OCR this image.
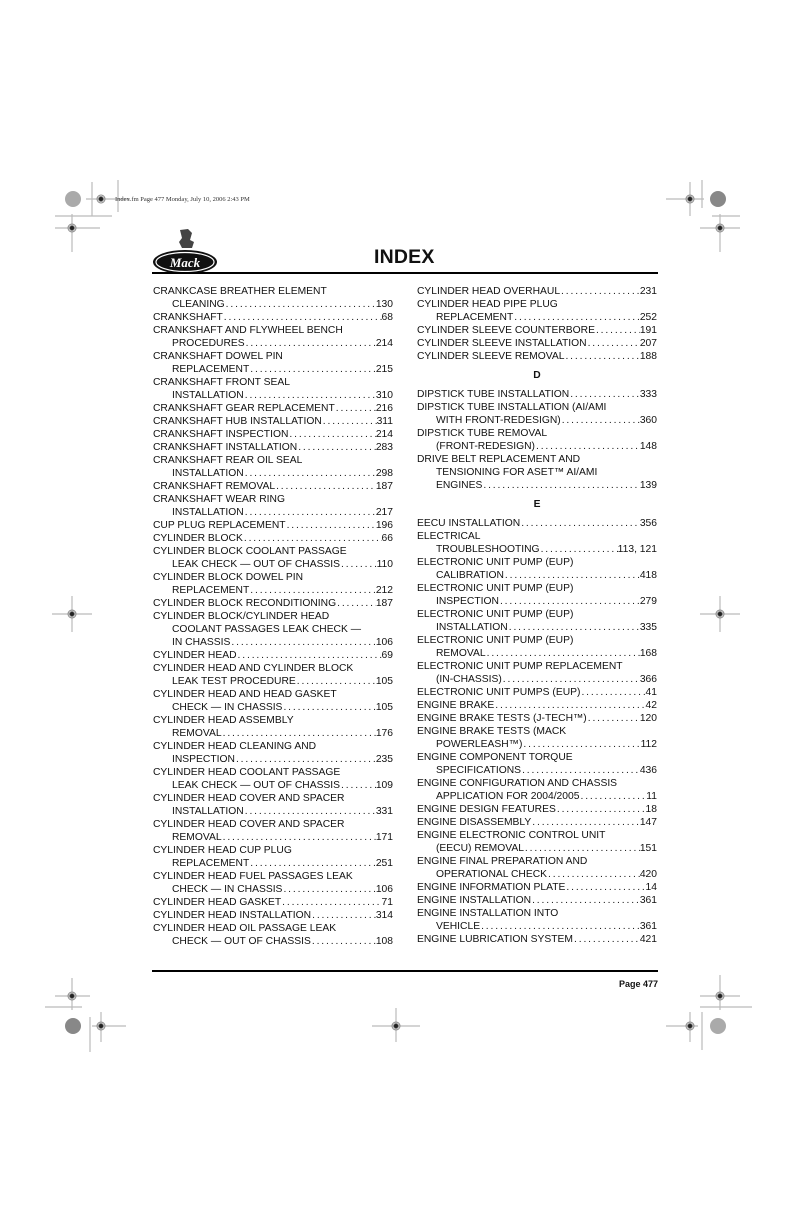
Index.fm Page 477 Monday, July 10, 2006 2:43 PM
Mack	INDEX
CRANKCASE BREATHER ELEMENT
CLEANING . . .	130
CRANKSHAFT . . .	68
CRANKSHAFT AND FLYWHEEL BENCH
PROCEDURES . . .	214
CRANKSHAFT DOWEL PIN
REPLACEMENT . . .	215
CRANKSHAFT FRONT SEAL
INSTALLATION . . .	310
CRANKSHAFT GEAR REPLACEMENT . . .	216
CRANKSHAFT HUB INSTALLATION . . .	311
CRANKSHAFT INSPECTION . . .	214
CRANKSHAFT INSTALLATION . . .	283
CRANKSHAFT REAR OIL SEAL
INSTALLATION . . .	298
CRANKSHAFT REMOVAL . . .	187
CRANKSHAFT WEAR RING
INSTALLATION . . .	217
CUP PLUG REPLACEMENT . . .	196
CYLINDER BLOCK . . .	66
CYLINDER BLOCK COOLANT PASSAGE
LEAK CHECK — OUT OF CHASSIS . . .	110
CYLINDER BLOCK DOWEL PIN
REPLACEMENT . . .	212
CYLINDER BLOCK RECONDITIONING . . .	187
CYLINDER BLOCK/CYLINDER HEAD
COOLANT PASSAGES LEAK CHECK —
IN CHASSIS . . .	106
CYLINDER HEAD . . .	69
CYLINDER HEAD AND CYLINDER BLOCK
LEAK TEST PROCEDURE . . .	105
CYLINDER HEAD AND HEAD GASKET
CHECK — IN CHASSIS . . .	105
CYLINDER HEAD ASSEMBLY
REMOVAL . . .	176
CYLINDER HEAD CLEANING AND
INSPECTION . . .	235
CYLINDER HEAD COOLANT PASSAGE
LEAK CHECK — OUT OF CHASSIS . . .	109
CYLINDER HEAD COVER AND SPACER
INSTALLATION . . .	331
CYLINDER HEAD COVER AND SPACER
REMOVAL . . .	171
CYLINDER HEAD CUP PLUG
REPLACEMENT . . .	251
CYLINDER HEAD FUEL PASSAGES LEAK
CHECK — IN CHASSIS . . .	106
CYLINDER HEAD GASKET . . .	71
CYLINDER HEAD INSTALLATION . . .	314
CYLINDER HEAD OIL PASSAGE LEAK
CHECK — OUT OF CHASSIS . . .	108
CYLINDER HEAD OVERHAUL . . .	231
CYLINDER HEAD PIPE PLUG
REPLACEMENT . . .	252
CYLINDER SLEEVE COUNTERBORE . . .	191
CYLINDER SLEEVE INSTALLATION . . .	207
CYLINDER SLEEVE REMOVAL . . .	188
D
DIPSTICK TUBE INSTALLATION . . .	333
DIPSTICK TUBE INSTALLATION (AI/AMI
WITH FRONT-REDESIGN) . . .	360
DIPSTICK TUBE REMOVAL
(FRONT-REDESIGN) . . .	148
DRIVE BELT REPLACEMENT AND
TENSIONING FOR ASET™ AI/AMI
ENGINES . . .	139
E
EECU INSTALLATION . . .	356
ELECTRICAL
TROUBLESHOOTING . . .	113, 121
ELECTRONIC UNIT PUMP (EUP)
CALIBRATION . . .	418
ELECTRONIC UNIT PUMP (EUP)
INSPECTION . . .	279
ELECTRONIC UNIT PUMP (EUP)
INSTALLATION . . .	335
ELECTRONIC UNIT PUMP (EUP)
REMOVAL . . .	168
ELECTRONIC UNIT PUMP REPLACEMENT
(IN-CHASSIS) . . .	366
ELECTRONIC UNIT PUMPS (EUP) . . .	41
ENGINE BRAKE . . .	42
ENGINE BRAKE TESTS (J-TECH™) . . .	120
ENGINE BRAKE TESTS (MACK
POWERLEASH™) . . .	112
ENGINE COMPONENT TORQUE
SPECIFICATIONS . . .	436
ENGINE CONFIGURATION AND CHASSIS
APPLICATION FOR 2004/2005 . . .	11
ENGINE DESIGN FEATURES . . .	18
ENGINE DISASSEMBLY . . .	147
ENGINE ELECTRONIC CONTROL UNIT
(EECU) REMOVAL . . .	151
ENGINE FINAL PREPARATION AND
OPERATIONAL CHECK . . .	420
ENGINE INFORMATION PLATE . . .	14
ENGINE INSTALLATION . . .	361
ENGINE INSTALLATION INTO
VEHICLE . . .	361
ENGINE LUBRICATION SYSTEM . . .	421
Page 477
